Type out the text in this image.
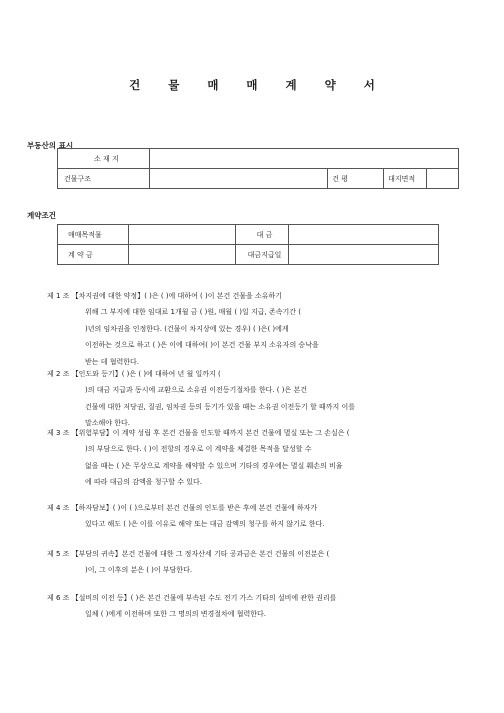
건 물 매 매 계 약 서
부동산의 표시
소 재 지				
건물구조		건 평	대지면적	
계약조건
매매목적물		대 금	
계 약 금		대금지급일	
제 1 조 【차지권에 대한 약정】( )은 ( )에 대하여 ( )이 본건 건물을 소유하기
위해 그 부지에 대한 임대료 1개월 금 ( )원, 매월 ( )일 지급, 존속기간 (
)년의 임차권을 인정한다. (건물이 차지상에 있는 경우) ( )은( )에게
이전하는 것으로 하고 ( )은 이에 대하여( )이 본건 건물 부지 소유자의 승낙을
받는 데 협력한다.
제 2 조 【인도와 등기】( )은 ( )에 대하여 년 월 일까지 (
)의 대금 지급과 동시에 교환으로 소유권 이전등기절차를 한다. ( )은 본건
건물에 대한 저당권, 질권, 임차권 등의 등기가 있을 때는 소유권 이전등기 할 때까지 이를
말소해야 한다.
제 3 조 【위험부담】이 계약 성립 후 본건 건물을 인도할 때까지 본건 건물에 멸실 또는 그 손실은 (
)의 부담으로 한다. ( )이 전항의 경우로 이 계약을 체결한 목적을 달성할 수
없을 때는 ( )은 무상으로 계약을 해약할 수 있으며 기타의 경우에는 멸실 훼손의 비율
에 따라 대금의 감액을 청구할 수 있다.
제 4 조 【하자담보】( )이 ( )으로부터 본건 건물의 인도를 받은 후에 본건 건물에 하자가
있다고 해도 ( )은 이를 이유로 해약 또는 대금 감액의 청구를 하지 않기로 한다.
제 5 조 【부담의 귀속】본건 건물에 대한 그 정자산세 기타 공과금은 본건 건물의 이전분은 (
)이, 그 이후의 분은 ( )이 부담한다.
제 6 조 【설비의 이전 등】( )은 본건 건물에 부속된 수도 전기 가스 기타의 설비에 관한 권리를
일체 ( )에게 이전하며 또한 그 명의의 변경절차에 협력한다.
